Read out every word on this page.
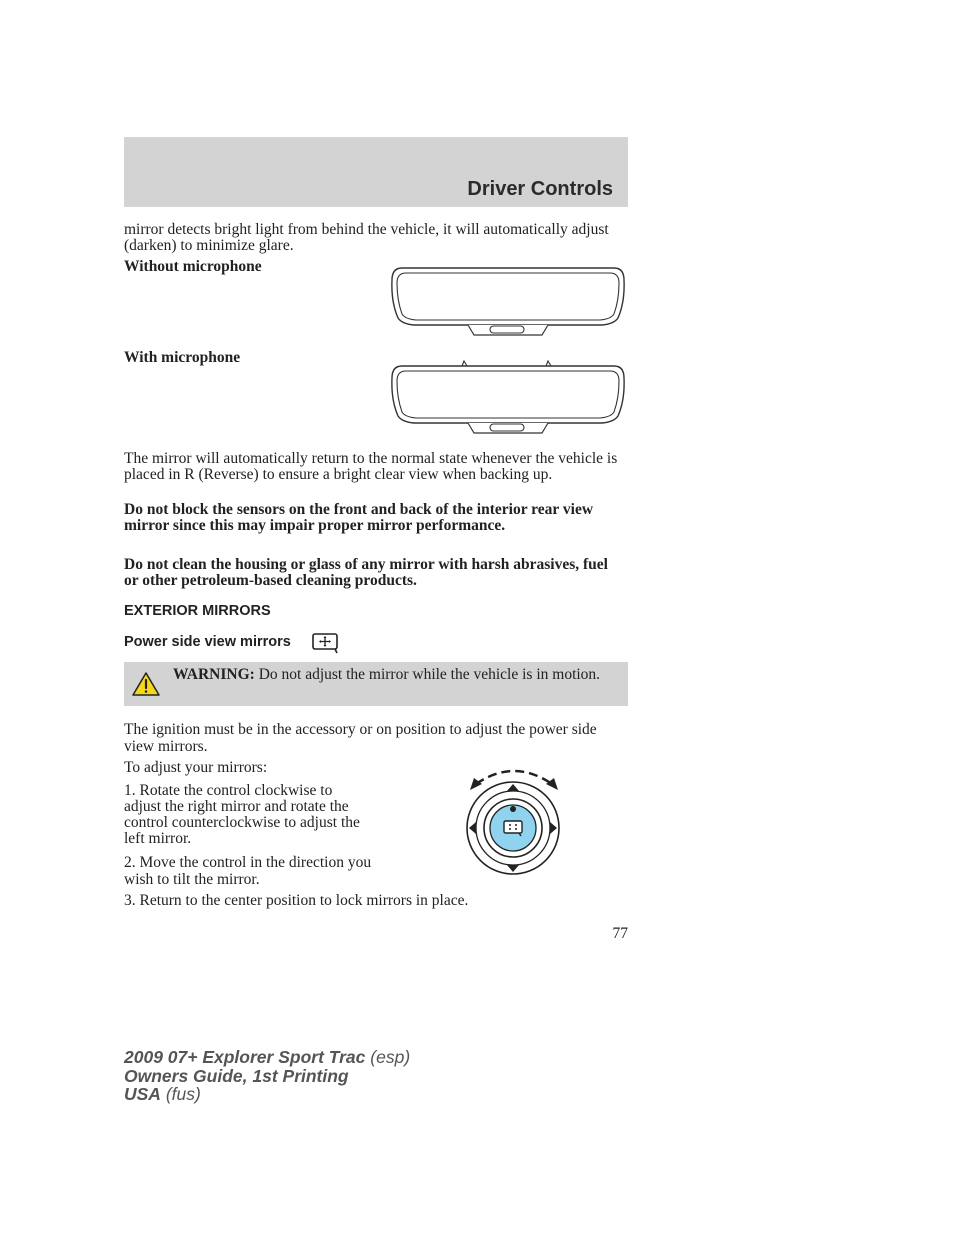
Driver Controls
mirror detects bright light from behind the vehicle, it will automatically adjust (darken) to minimize glare.
Without microphone
With microphone
The mirror will automatically return to the normal state whenever the vehicle is placed in R (Reverse) to ensure a bright clear view when backing up.
Do not block the sensors on the front and back of the interior rear view mirror since this may impair proper mirror performance.
Do not clean the housing or glass of any mirror with harsh abrasives, fuel or other petroleum-based cleaning products.
EXTERIOR MIRRORS
Power side view mirrors
WARNING: Do not adjust the mirror while the vehicle is in motion.
The ignition must be in the accessory or on position to adjust the power side view mirrors.
To adjust your mirrors:
1. Rotate the control clockwise to adjust the right mirror and rotate the control counterclockwise to adjust the left mirror.
2. Move the control in the direction you wish to tilt the mirror.
3. Return to the center position to lock mirrors in place.
77
2009 07+ Explorer Sport Trac (esp)
Owners Guide, 1st Printing
USA (fus)
